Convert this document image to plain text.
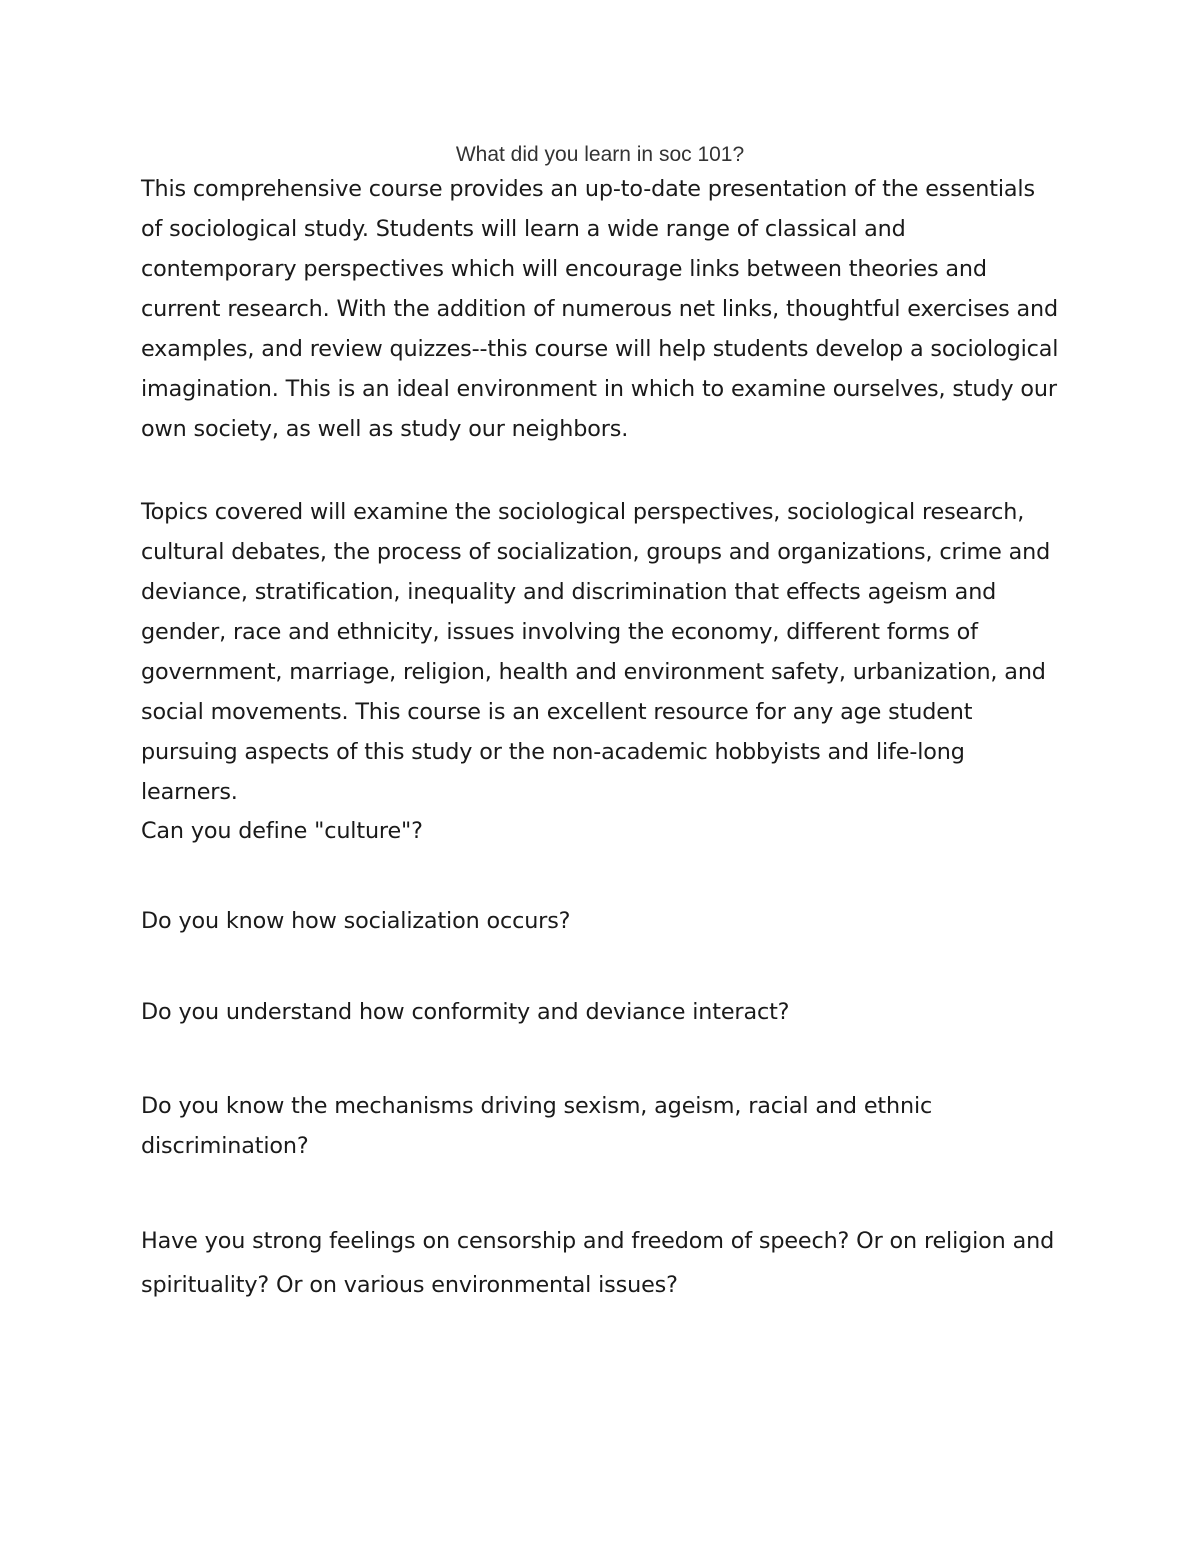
What did you learn in soc 101?

This comprehensive course provides an up-to-date presentation of the essentials of sociological study. Students will learn a wide range of classical and contemporary perspectives which will encourage links between theories and current research. With the addition of numerous net links, thoughtful exercises and examples, and review quizzes--this course will help students develop a sociological imagination. This is an ideal environment in which to examine ourselves, study our own society, as well as study our neighbors.

Topics covered will examine the sociological perspectives, sociological research, cultural debates, the process of socialization, groups and organizations, crime and deviance, stratification, inequality and discrimination that effects ageism and gender, race and ethnicity, issues involving the economy, different forms of government, marriage, religion, health and environment safety, urbanization, and social movements. This course is an excellent resource for any age student pursuing aspects of this study or the non-academic hobbyists and life-long learners.

Can you define "culture"?

Do you know how socialization occurs?

Do you understand how conformity and deviance interact?

Do you know the mechanisms driving sexism, ageism, racial and ethnic discrimination?

Have you strong feelings on censorship and freedom of speech? Or on religion and spirituality? Or on various environmental issues?
